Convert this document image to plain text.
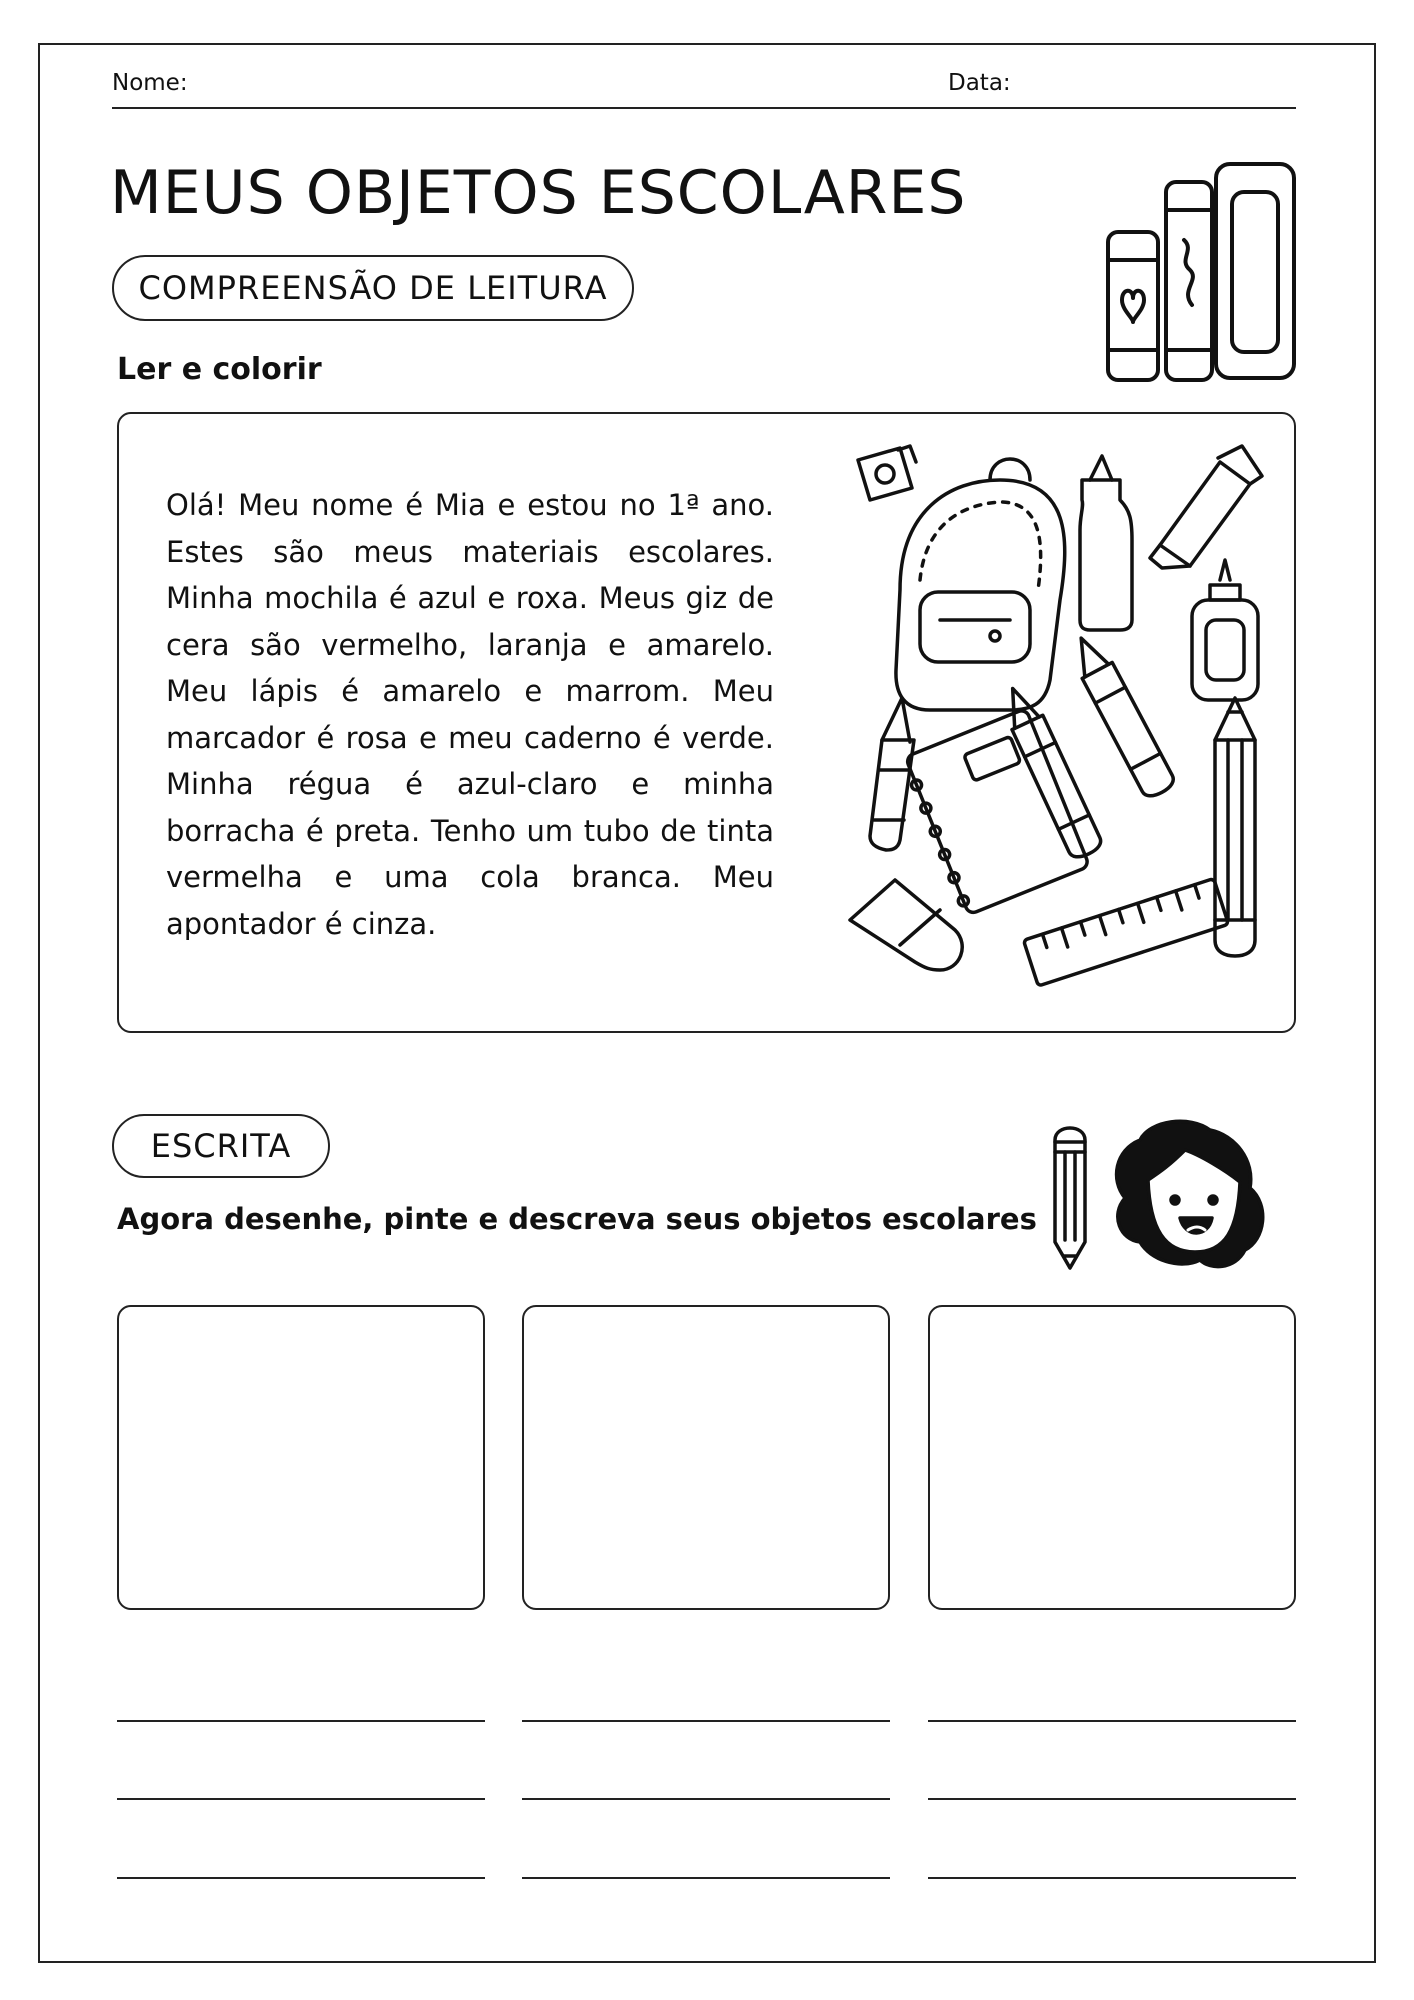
Nome:	Data:
MEUS OBJETOS ESCOLARES
COMPREENSÃO DE LEITURA
Ler e colorir

Olá! Meu nome é Mia e estou no 1ª ano. Estes são meus materiais escolares. Minha mochila é azul e roxa. Meus giz de cera são vermelho, laranja e amarelo. Meu lápis é amarelo e marrom. Meu marcador é rosa e meu caderno é verde. Minha régua é azul-claro e minha borracha é preta. Tenho um tubo de tinta vermelha e uma cola branca. Meu apontador é cinza.

ESCRITA
Agora desenhe, pinte e descreva seus objetos escolares
